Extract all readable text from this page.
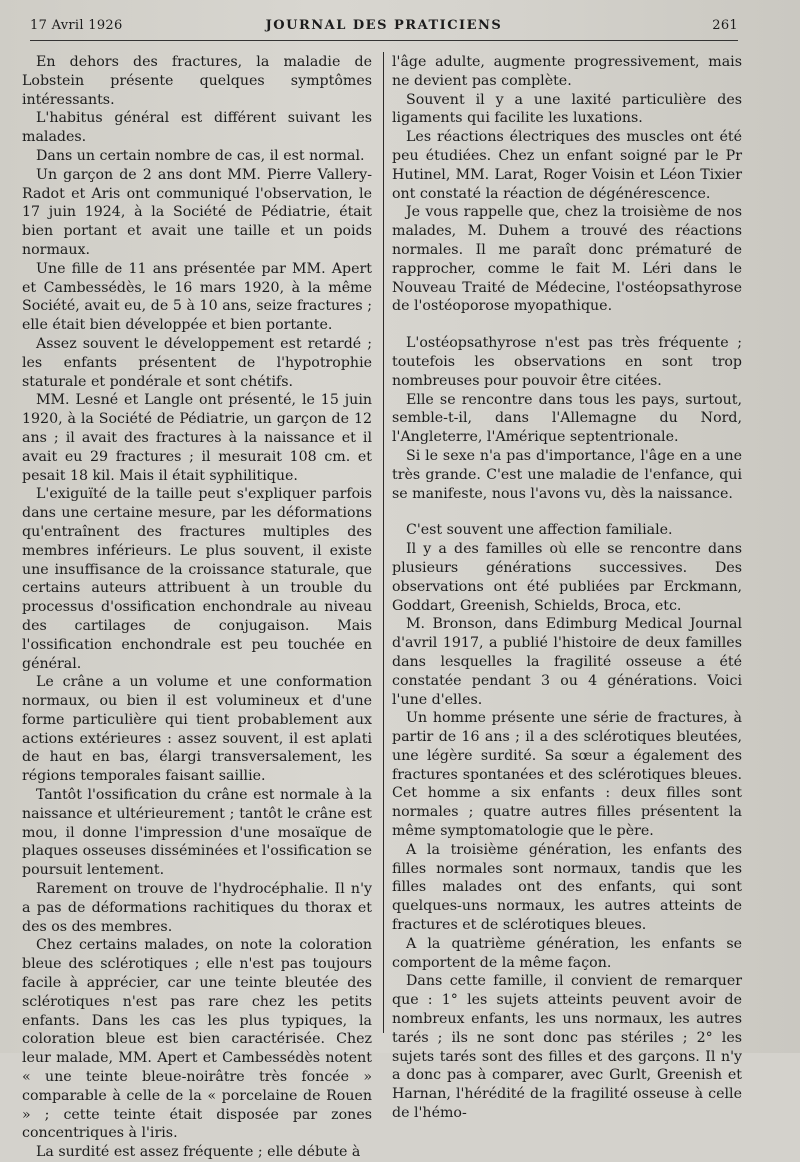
17 Avril 1926	JOURNAL DES PRATICIENS	261

En dehors des fractures, la maladie de Lobstein présente quelques symptômes intéressants.

L'habitus général est différent suivant les malades.

Dans un certain nombre de cas, il est normal.

Un garçon de 2 ans dont MM. Pierre Vallery-Radot et Aris ont communiqué l'observation, le 17 juin 1924, à la Société de Pédiatrie, était bien portant et avait une taille et un poids normaux.

Une fille de 11 ans présentée par MM. Apert et Cambessédès, le 16 mars 1920, à la même Société, avait eu, de 5 à 10 ans, seize fractures ; elle était bien développée et bien portante.

Assez souvent le développement est retardé ; les enfants présentent de l'hypotrophie staturale et pondérale et sont chétifs.

MM. Lesné et Langle ont présenté, le 15 juin 1920, à la Société de Pédiatrie, un garçon de 12 ans ; il avait des fractures à la naissance et il avait eu 29 fractures ; il mesurait 108 cm. et pesait 18 kil. Mais il était syphilitique.

L'exiguïté de la taille peut s'expliquer parfois dans une certaine mesure, par les déformations qu'entraînent des fractures multiples des membres inférieurs. Le plus souvent, il existe une insuffisance de la croissance staturale, que certains auteurs attribuent à un trouble du processus d'ossification enchondrale au niveau des cartilages de conjugaison. Mais l'ossification enchondrale est peu touchée en général.

Le crâne a un volume et une conformation normaux, ou bien il est volumineux et d'une forme particulière qui tient probablement aux actions extérieures : assez souvent, il est aplati de haut en bas, élargi transversalement, les régions temporales faisant saillie.

Tantôt l'ossification du crâne est normale à la naissance et ultérieurement ; tantôt le crâne est mou, il donne l'impression d'une mosaïque de plaques osseuses disséminées et l'ossification se poursuit lentement.

Rarement on trouve de l'hydrocéphalie. Il n'y a pas de déformations rachitiques du thorax et des os des membres.

Chez certains malades, on note la coloration bleue des sclérotiques ; elle n'est pas toujours facile à apprécier, car une teinte bleutée des sclérotiques n'est pas rare chez les petits enfants. Dans les cas les plus typiques, la coloration bleue est bien caractérisée. Chez leur malade, MM. Apert et Cambessédès notent « une teinte bleue-noirâtre très foncée » comparable à celle de la « porcelaine de Rouen » ; cette teinte était disposée par zones concentriques à l'iris.

La surdité est assez fréquente ; elle débute à

l'âge adulte, augmente progressivement, mais ne devient pas complète.

Souvent il y a une laxité particulière des ligaments qui facilite les luxations.

Les réactions électriques des muscles ont été peu étudiées. Chez un enfant soigné par le Pr Hutinel, MM. Larat, Roger Voisin et Léon Tixier ont constaté la réaction de dégénérescence.

Je vous rappelle que, chez la troisième de nos malades, M. Duhem a trouvé des réactions normales. Il me paraît donc prématuré de rapprocher, comme le fait M. Léri dans le Nouveau Traité de Médecine, l'ostéopsathyrose de l'ostéoporose myopathique.

L'ostéopsathyrose n'est pas très fréquente ; toutefois les observations en sont trop nombreuses pour pouvoir être citées.

Elle se rencontre dans tous les pays, surtout, semble-t-il, dans l'Allemagne du Nord, l'Angleterre, l'Amérique septentrionale.

Si le sexe n'a pas d'importance, l'âge en a une très grande. C'est une maladie de l'enfance, qui se manifeste, nous l'avons vu, dès la naissance.

C'est souvent une affection familiale.

Il y a des familles où elle se rencontre dans plusieurs générations successives. Des observations ont été publiées par Erckmann, Goddart, Greenish, Schields, Broca, etc.

M. Bronson, dans Edimburg Medical Journal d'avril 1917, a publié l'histoire de deux familles dans lesquelles la fragilité osseuse a été constatée pendant 3 ou 4 générations. Voici l'une d'elles.

Un homme présente une série de fractures, à partir de 16 ans ; il a des sclérotiques bleutées, une légère surdité. Sa sœur a également des fractures spontanées et des sclérotiques bleues. Cet homme a six enfants : deux filles sont normales ; quatre autres filles présentent la même symptomatologie que le père.

A la troisième génération, les enfants des filles normales sont normaux, tandis que les filles malades ont des enfants, qui sont quelques-uns normaux, les autres atteints de fractures et de sclérotiques bleues.

A la quatrième génération, les enfants se comportent de la même façon.

Dans cette famille, il convient de remarquer que : 1° les sujets atteints peuvent avoir de nombreux enfants, les uns normaux, les autres tarés ; ils ne sont donc pas stériles ; 2° les sujets tarés sont des filles et des garçons. Il n'y a donc pas à comparer, avec Gurlt, Greenish et Harnan, l'hérédité de la fragilité osseuse à celle de l'hémo-
